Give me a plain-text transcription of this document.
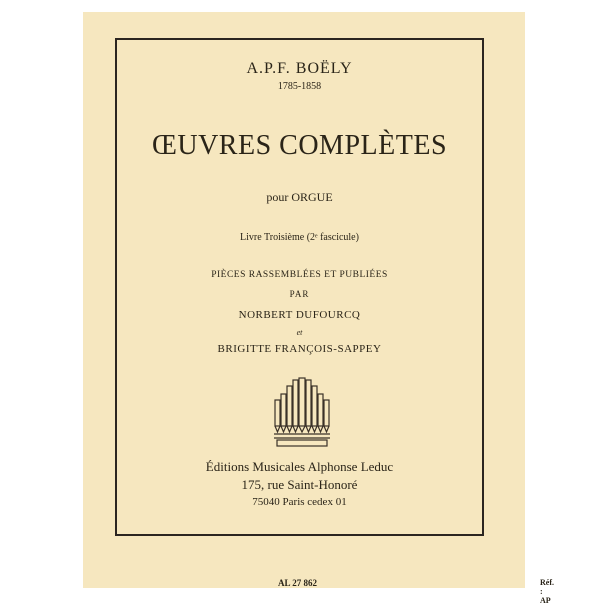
A.P.F. BOËLY
1785-1858
ŒUVRES COMPLÈTES
pour ORGUE
Livre Troisième (2ᵉ fascicule)
PIÈCES RASSEMBLÉES ET PUBLIÉES
PAR
NORBERT DUFOURCQ
et
BRIGITTE FRANÇOIS-SAPPEY
Éditions Musicales Alphonse Leduc
175, rue Saint-Honoré
75040 Paris cedex 01
AL 27 862	Réf. : AP
